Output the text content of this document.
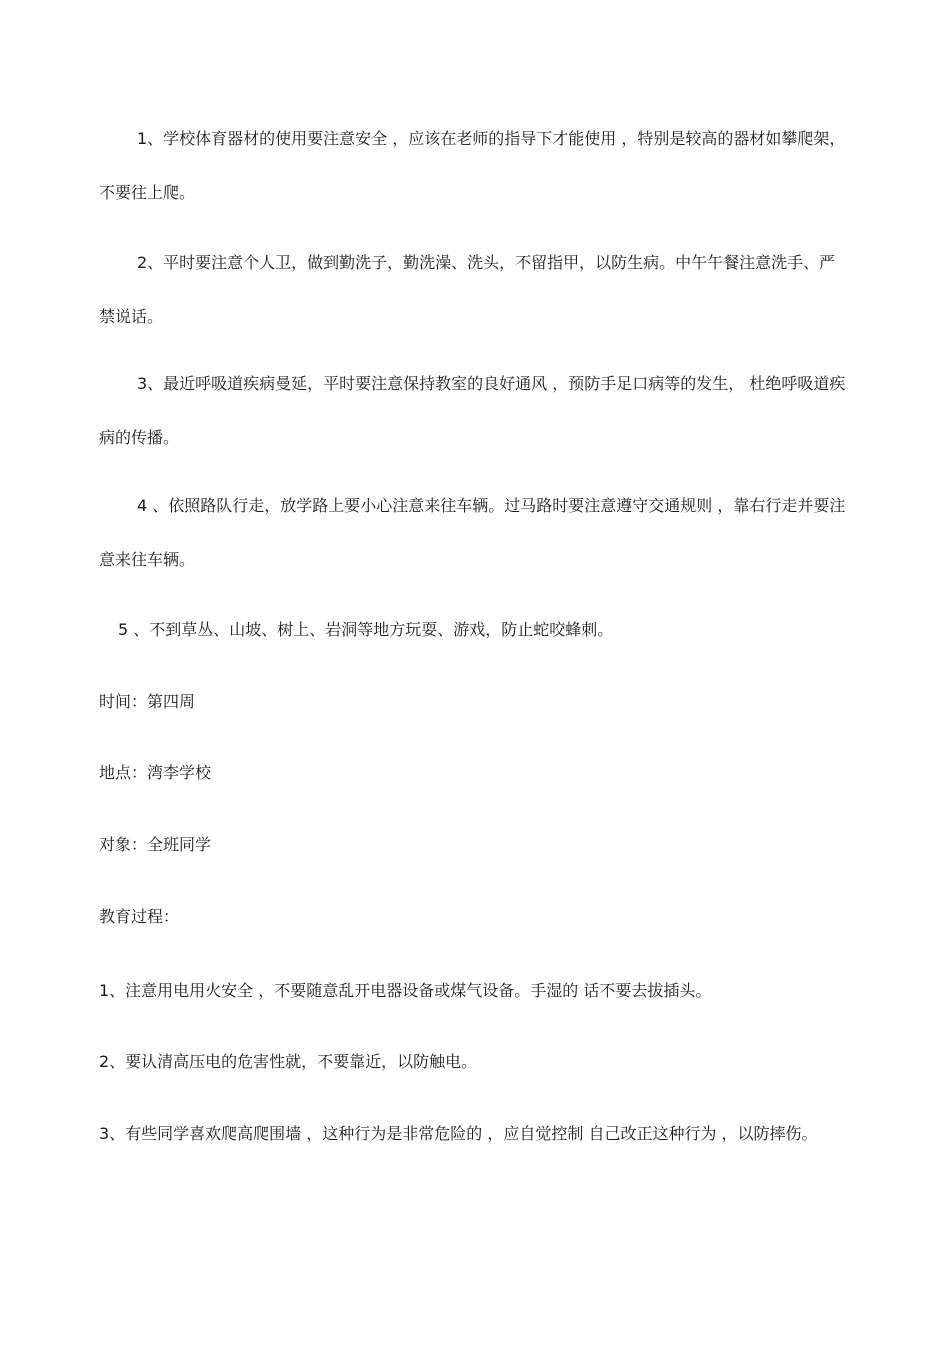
1、学校体育器材的使用要注意安全 ，应该在老师的指导下才能使用 ，特别是较高的器材如攀爬架，不要往上爬。

2、平时要注意个人卫，做到勤洗子，勤洗澡、洗头，不留指甲，以防生病。中午午餐注意洗手、严禁说话。

3、最近呼吸道疾病曼延，平时要注意保持教室的良好通风 ，预防手足口病等的发生， 杜绝呼吸道疾病的传播。

4 、依照路队行走，放学路上要小心注意来往车辆。过马路时要注意遵守交通规则 ，靠右行走并要注意来往车辆。

5 、不到草丛、山坡、树上、岩洞等地方玩耍、游戏，防止蛇咬蜂刺。
时间：第四周
地点：湾李学校
对象：全班同学
教育过程：
1、注意用电用火安全 ，不要随意乱开电器设备或煤气设备。手湿的 话不要去拔插头。
2、要认清高压电的危害性就，不要靠近，以防触电。

3、有些同学喜欢爬高爬围墙 ，这种行为是非常危险的 ，应自觉控制 自己改正这种行为 ，以防摔伤。
